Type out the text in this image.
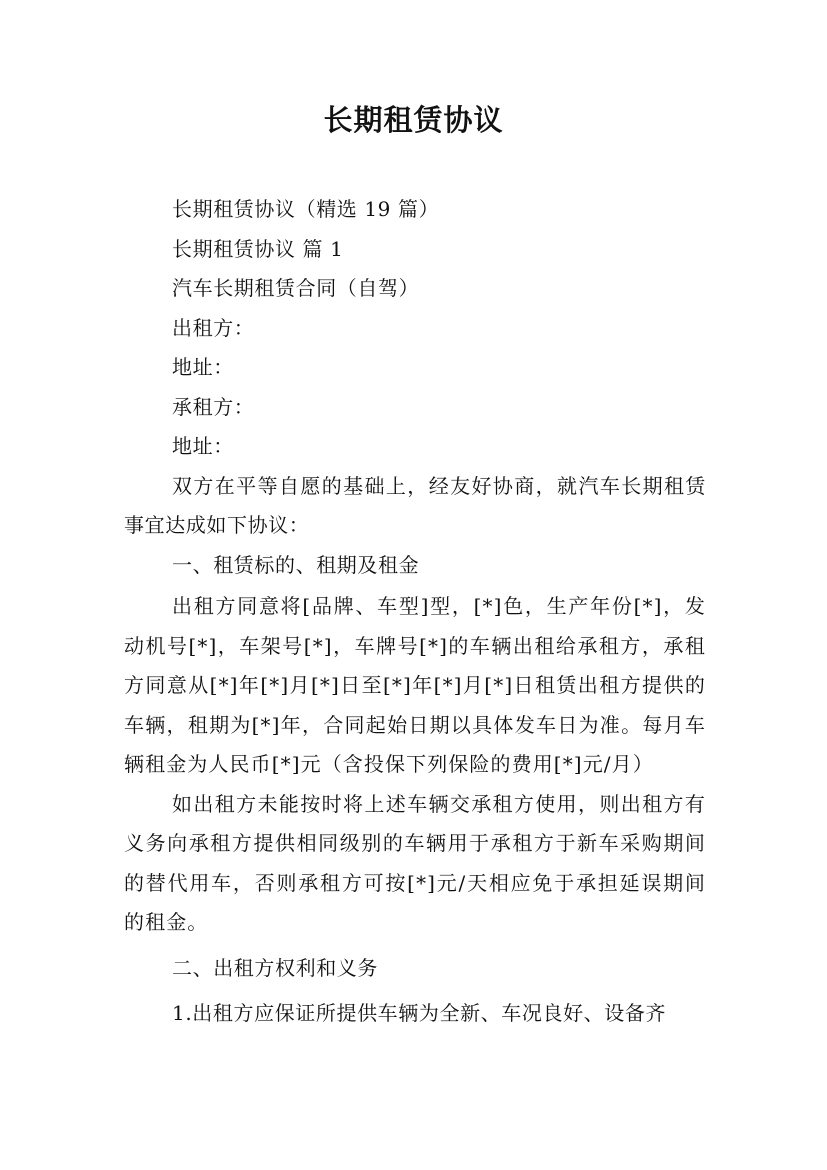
长期租赁协议

长期租赁协议（精选 19 篇）

长期租赁协议 篇 1

汽车长期租赁合同（自驾）

出租方：

地址：

承租方：

地址：

双方在平等自愿的基础上，经友好协商，就汽车长期租赁事宜达成如下协议：

一、租赁标的、租期及租金

出租方同意将[品牌、车型]型，[*]色，生产年份[*]，发动机号[*]，车架号[*]，车牌号[*]的车辆出租给承租方，承租方同意从[*]年[*]月[*]日至[*]年[*]月[*]日租赁出租方提供的车辆，租期为[*]年，合同起始日期以具体发车日为准。每月车辆租金为人民币[*]元（含投保下列保险的费用[*]元/月）

如出租方未能按时将上述车辆交承租方使用，则出租方有义务向承租方提供相同级别的车辆用于承租方于新车采购期间的替代用车，否则承租方可按[*]元/天相应免于承担延误期间的租金。

二、出租方权利和义务

1.出租方应保证所提供车辆为全新、车况良好、设备齐
